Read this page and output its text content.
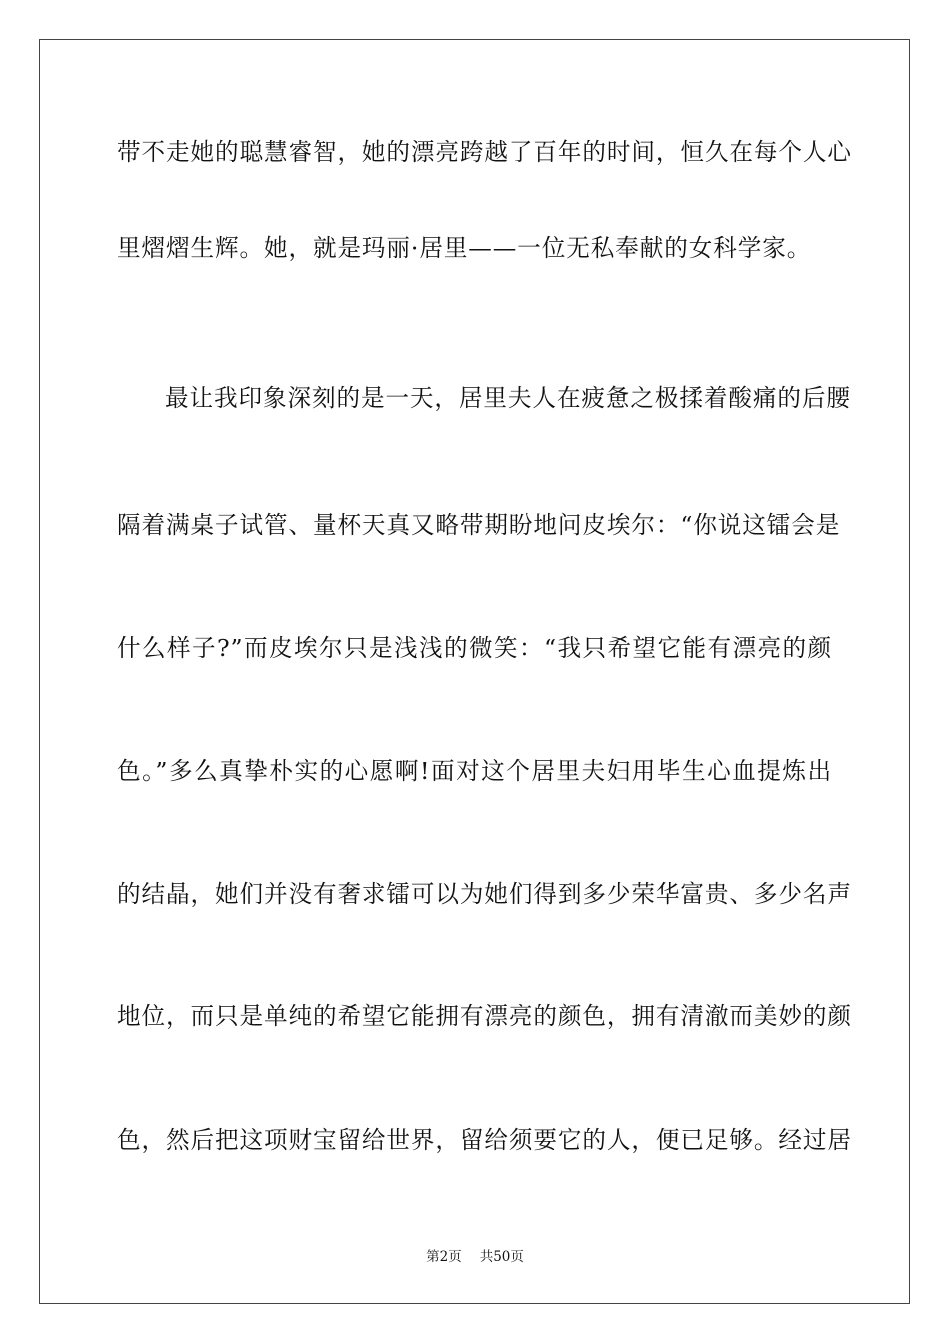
带不走她的聪慧睿智，她的漂亮跨越了百年的时间，恒久在每个人心
里熠熠生辉。她，就是玛丽·居里——一位无私奉献的女科学家。
最让我印象深刻的是一天，居里夫人在疲惫之极揉着酸痛的后腰
隔着满桌子试管、量杯天真又略带期盼地问皮埃尔：“你说这镭会是
什么样子?”而皮埃尔只是浅浅的微笑：“我只希望它能有漂亮的颜
色。”多么真挚朴实的心愿啊!面对这个居里夫妇用毕生心血提炼出
的结晶，她们并没有奢求镭可以为她们得到多少荣华富贵、多少名声
地位，而只是单纯的希望它能拥有漂亮的颜色，拥有清澈而美妙的颜
色，然后把这项财宝留给世界，留给须要它的人，便已足够。经过居
第2页 共50页
